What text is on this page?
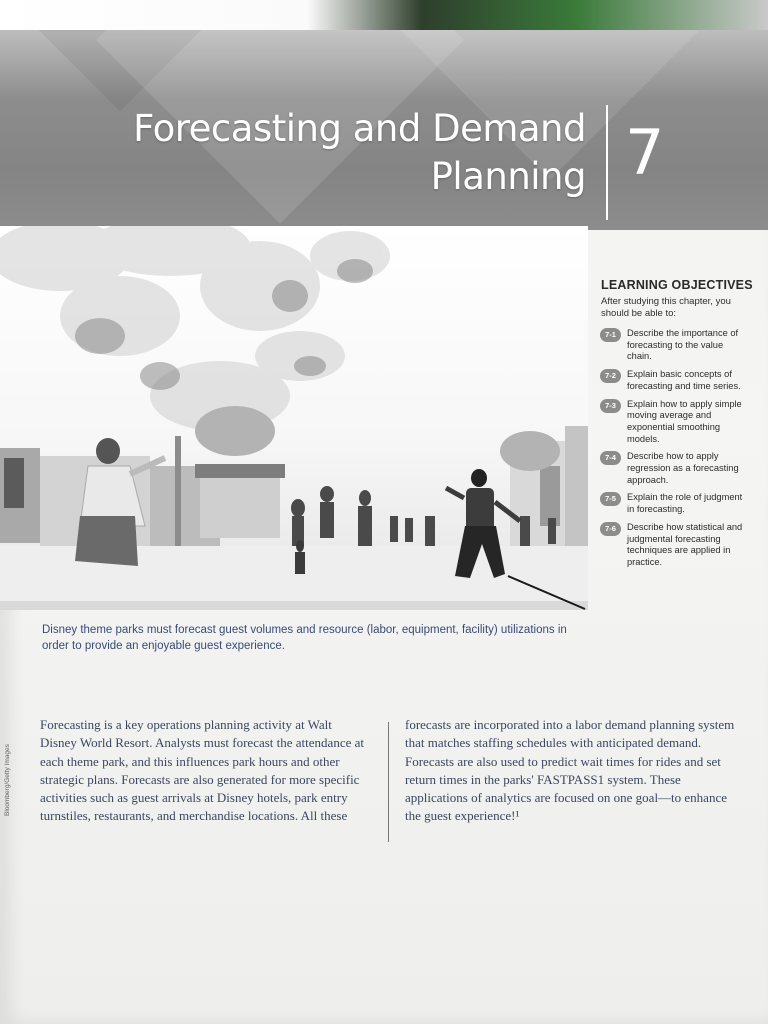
Forecasting and Demand
Planning 7
Disney theme parks must forecast guest volumes and resource (labor, equipment, facility) utilizations in order to provide an enjoyable guest experience.
LEARNING OBJECTIVES
After studying this chapter, you should be able to:
7-1	Describe the importance of forecasting to the value chain.
7-2	Explain basic concepts of forecasting and time series.
7-3	Explain how to apply simple moving average and exponential smoothing models.
7-4	Describe how to apply regression as a forecasting approach.
7-5	Explain the role of judgment in forecasting.
7-6	Describe how statistical and judgmental forecasting techniques are applied in practice.
Bloomberg/Getty Images
Forecasting is a key operations planning activity at Walt Disney World Resort. Analysts must forecast the attendance at each theme park, and this influences park hours and other strategic plans. Forecasts are also generated for more specific activities such as guest arrivals at Disney hotels, park entry turnstiles, restaurants, and merchandise locations. All these
forecasts are incorporated into a labor demand planning system that matches staffing schedules with anticipated demand. Forecasts are also used to predict wait times for rides and set return times in the parks' FASTPASS1 system. These applications of analytics are focused on one goal—to enhance the guest experience!¹
